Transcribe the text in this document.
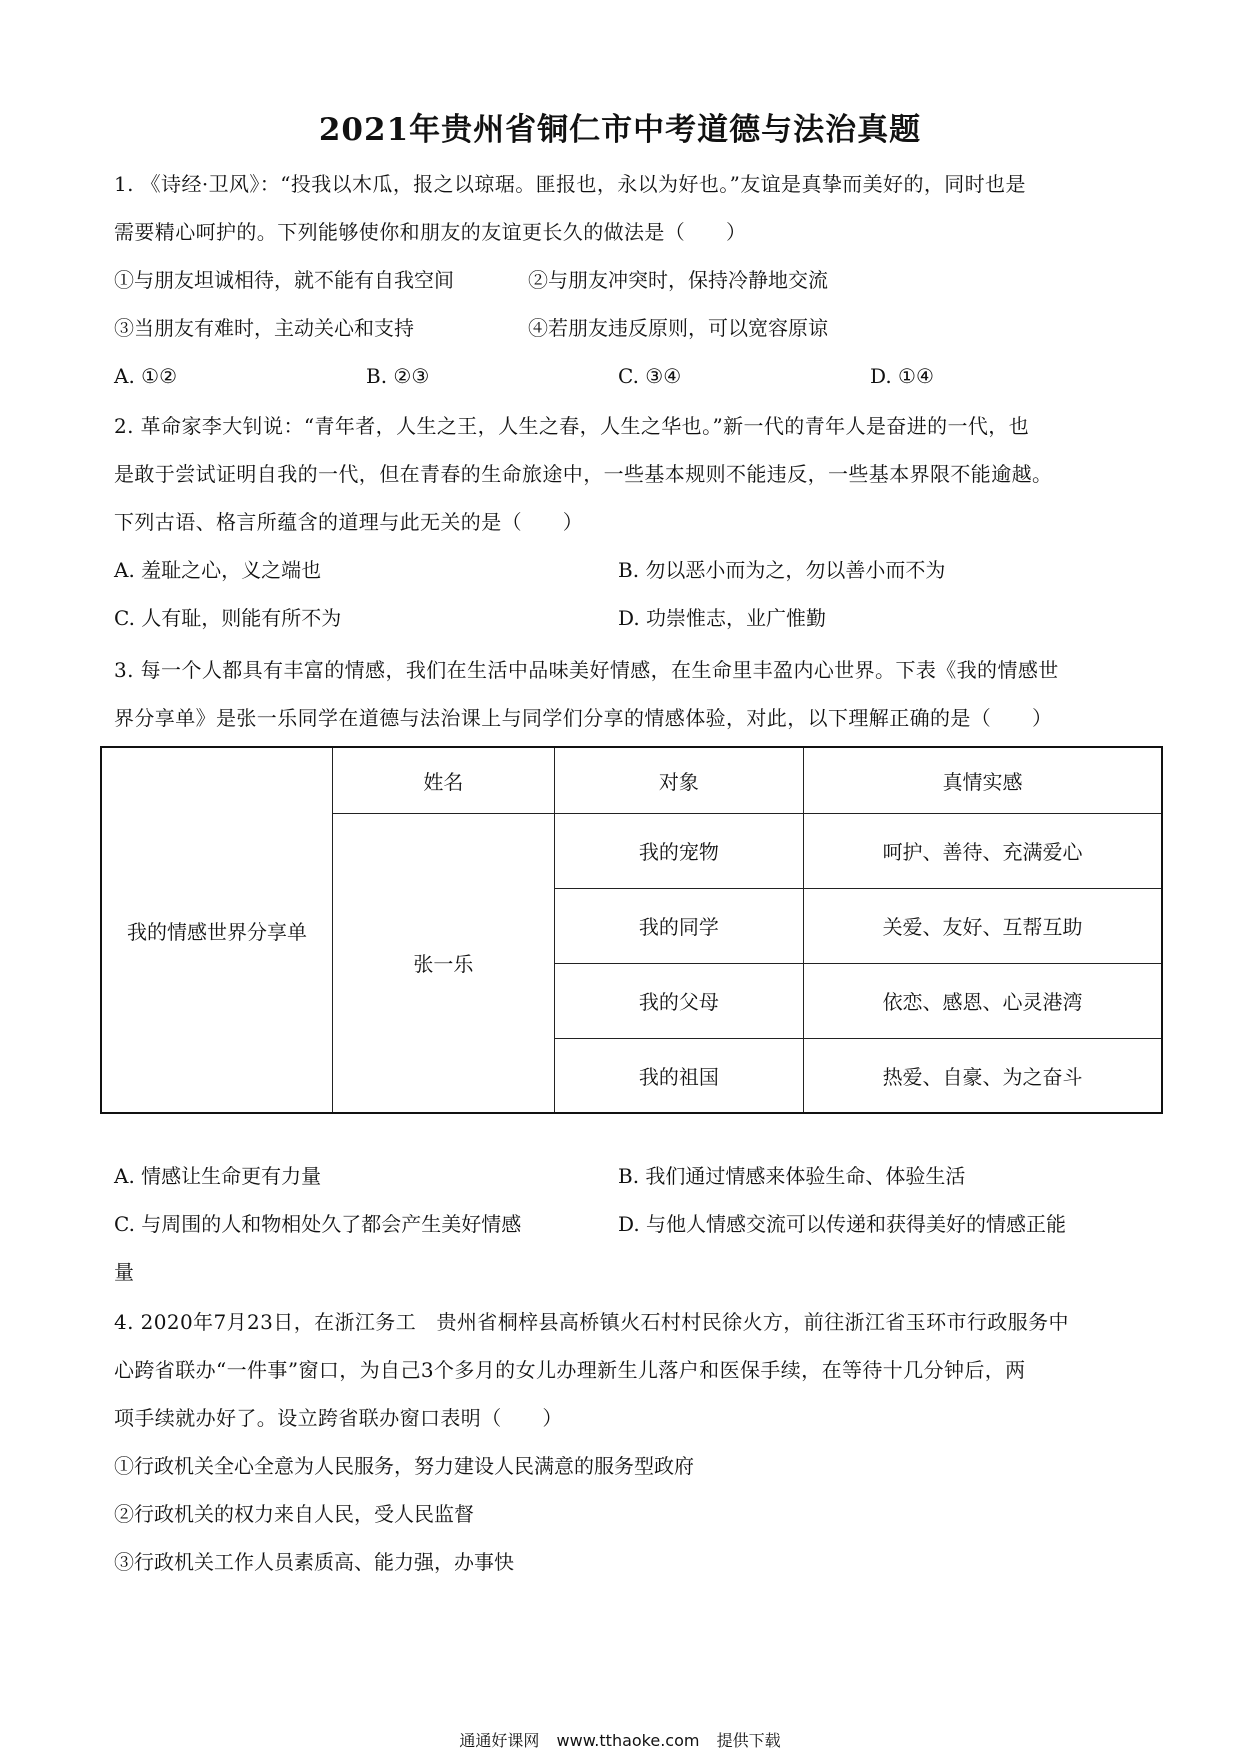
2021年贵州省铜仁市中考道德与法治真题
1. 《诗经·卫风》：“投我以木瓜，报之以琼琚。匪报也，永以为好也。”友谊是真挚而美好的，同时也是
需要精心呵护的。下列能够使你和朋友的友谊更长久的做法是（　　）
①与朋友坦诚相待，就不能有自我空间	②与朋友冲突时，保持冷静地交流
③当朋友有难时，主动关心和支持	④若朋友违反原则，可以宽容原谅
A. ①②	B. ②③	C. ③④	D. ①④
2. 革命家李大钊说：“青年者，人生之王，人生之春，人生之华也。”新一代的青年人是奋进的一代，也
是敢于尝试证明自我的一代，但在青春的生命旅途中，一些基本规则不能违反，一些基本界限不能逾越。
下列古语、格言所蕴含的道理与此无关的是（　　）
A. 羞耻之心，义之端也	B. 勿以恶小而为之，勿以善小而不为
C. 人有耻，则能有所不为	D. 功崇惟志，业广惟勤
3. 每一个人都具有丰富的情感，我们在生活中品味美好情感，在生命里丰盈内心世界。下表《我的情感世
界分享单》是张一乐同学在道德与法治课上与同学们分享的情感体验，对此，以下理解正确的是（　　）
我的情感世界分享单	姓名	对象	真情实感
	张一乐	我的宠物	呵护、善待、充满爱心
		我的同学	关爱、友好、互帮互助
		我的父母	依恋、感恩、心灵港湾
		我的祖国	热爱、自豪、为之奋斗
A. 情感让生命更有力量	B. 我们通过情感来体验生命、体验生活
C. 与周围的人和物相处久了都会产生美好情感	D. 与他人情感交流可以传递和获得美好的情感正能
量
4. 2020年7月23日，在浙江务工　贵州省桐梓县高桥镇火石村村民徐火方，前往浙江省玉环市行政服务中
心跨省联办“一件事”窗口，为自己3个多月的女儿办理新生儿落户和医保手续，在等待十几分钟后，两
项手续就办好了。设立跨省联办窗口表明（　　）
①行政机关全心全意为人民服务，努力建设人民满意的服务型政府
②行政机关的权力来自人民，受人民监督
③行政机关工作人员素质高、能力强，办事快
通通好课网 www.tthaoke.com 提供下载
